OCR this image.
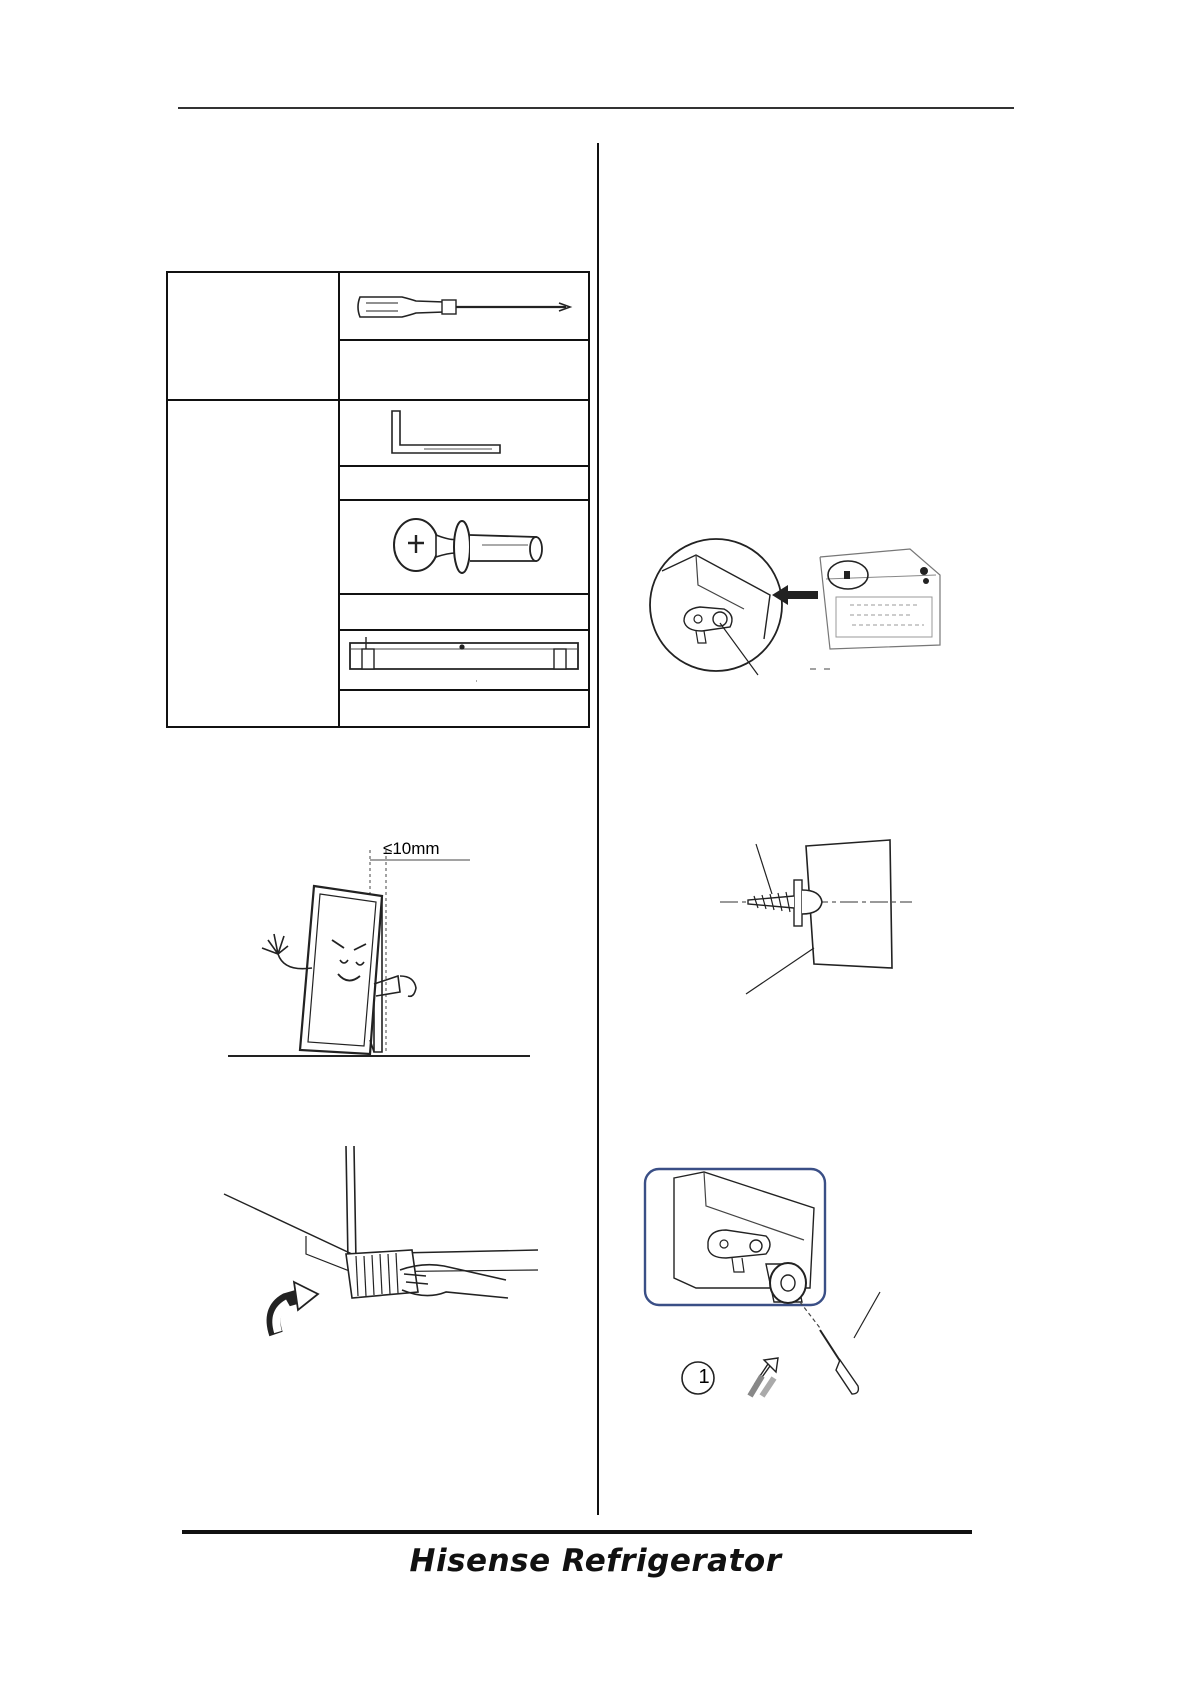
≤10mm
1
Hisense Refrigerator
